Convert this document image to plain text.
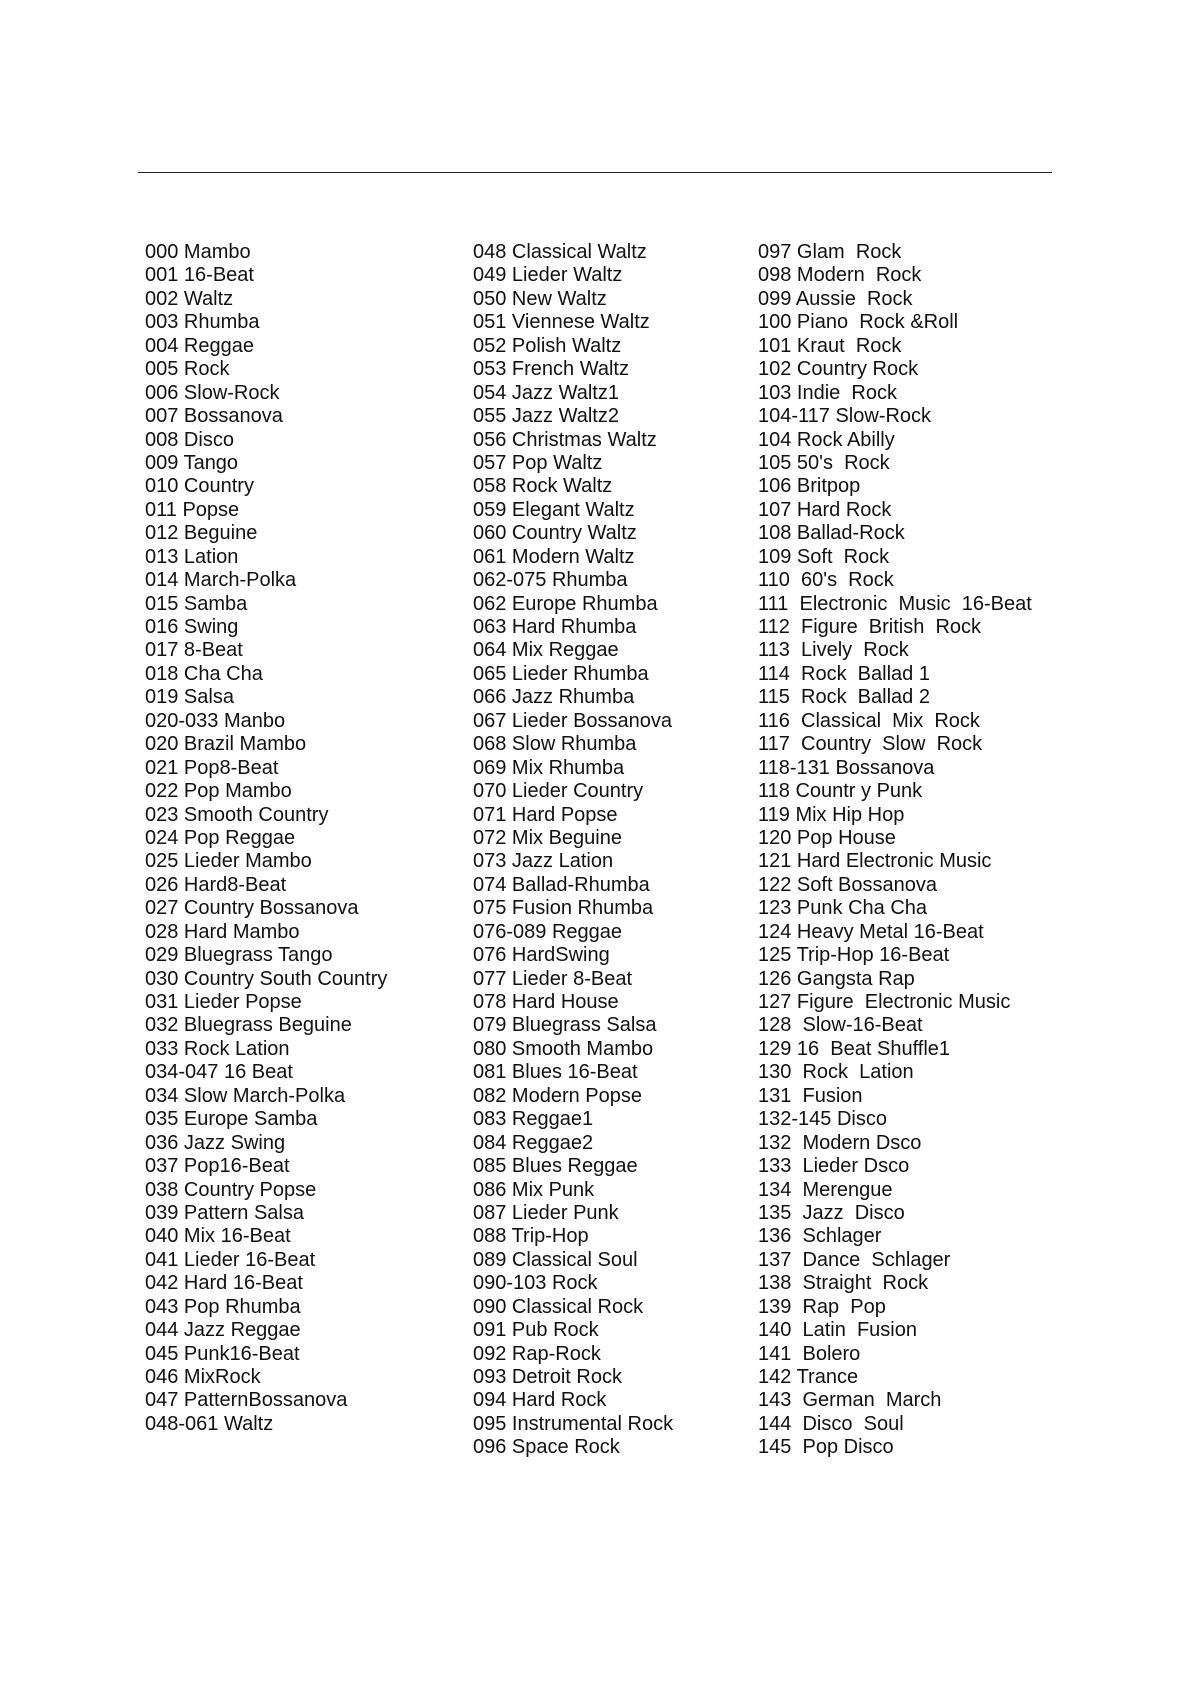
000 Mambo
001 16-Beat
002 Waltz
003 Rhumba
004 Reggae
005 Rock
006 Slow-Rock
007 Bossanova
008 Disco
009 Tango
010 Country
011 Popse
012 Beguine
013 Lation
014 March-Polka
015 Samba
016 Swing
017 8-Beat
018 Cha Cha
019 Salsa
020-033 Manbo
020 Brazil Mambo
021 Pop8-Beat
022 Pop Mambo
023 Smooth Country
024 Pop Reggae
025 Lieder Mambo
026 Hard8-Beat
027 Country Bossanova
028 Hard Mambo
029 Bluegrass Tango
030 Country South Country
031 Lieder Popse
032 Bluegrass Beguine
033 Rock Lation
034-047 16 Beat
034 Slow March-Polka
035 Europe Samba
036 Jazz Swing
037 Pop16-Beat
038 Country Popse
039 Pattern Salsa
040 Mix 16-Beat
041 Lieder 16-Beat
042 Hard 16-Beat
043 Pop Rhumba
044 Jazz Reggae
045 Punk16-Beat
046 MixRock
047 PatternBossanova
048-061 Waltz
048 Classical Waltz
049 Lieder Waltz
050 New Waltz
051 Viennese Waltz
052 Polish Waltz
053 French Waltz
054 Jazz Waltz1
055 Jazz Waltz2
056 Christmas Waltz
057 Pop Waltz
058 Rock Waltz
059 Elegant Waltz
060 Country Waltz
061 Modern Waltz
062-075 Rhumba
062 Europe Rhumba
063 Hard Rhumba
064 Mix Reggae
065 Lieder Rhumba
066 Jazz Rhumba
067 Lieder Bossanova
068 Slow Rhumba
069 Mix Rhumba
070 Lieder Country
071 Hard Popse
072 Mix Beguine
073 Jazz Lation
074 Ballad-Rhumba
075 Fusion Rhumba
076-089 Reggae
076 HardSwing
077 Lieder 8-Beat
078 Hard House
079 Bluegrass Salsa
080 Smooth Mambo
081 Blues 16-Beat
082 Modern Popse
083 Reggae1
084 Reggae2
085 Blues Reggae
086 Mix Punk
087 Lieder Punk
088 Trip-Hop
089 Classical Soul
090-103 Rock
090 Classical Rock
091 Pub Rock
092 Rap-Rock
093 Detroit Rock
094 Hard Rock
095 Instrumental Rock
096 Space Rock
097 Glam  Rock
098 Modern  Rock
099 Aussie  Rock
100 Piano  Rock &Roll
101 Kraut  Rock
102 Country Rock
103 Indie  Rock
104-117 Slow-Rock
104 Rock Abilly
105 50's  Rock
106 Britpop
107 Hard Rock
108 Ballad-Rock
109 Soft  Rock
110  60's  Rock
111  Electronic  Music  16-Beat
112  Figure  British  Rock
113  Lively  Rock
114  Rock  Ballad 1
115  Rock  Ballad 2
116  Classical  Mix  Rock
117  Country  Slow  Rock
118-131 Bossanova
118 Countr y Punk
119 Mix Hip Hop
120 Pop House
121 Hard Electronic Music
122 Soft Bossanova
123 Punk Cha Cha
124 Heavy Metal 16-Beat
125 Trip-Hop 16-Beat
126 Gangsta Rap
127 Figure  Electronic Music
128  Slow-16-Beat
129 16  Beat Shuffle1
130  Rock  Lation
131  Fusion
132-145 Disco
132  Modern Dsco
133  Lieder Dsco
134  Merengue
135  Jazz  Disco
136  Schlager
137  Dance  Schlager
138  Straight  Rock
139  Rap  Pop
140  Latin  Fusion
141  Bolero
142 Trance
143  German  March
144  Disco  Soul
145  Pop Disco
